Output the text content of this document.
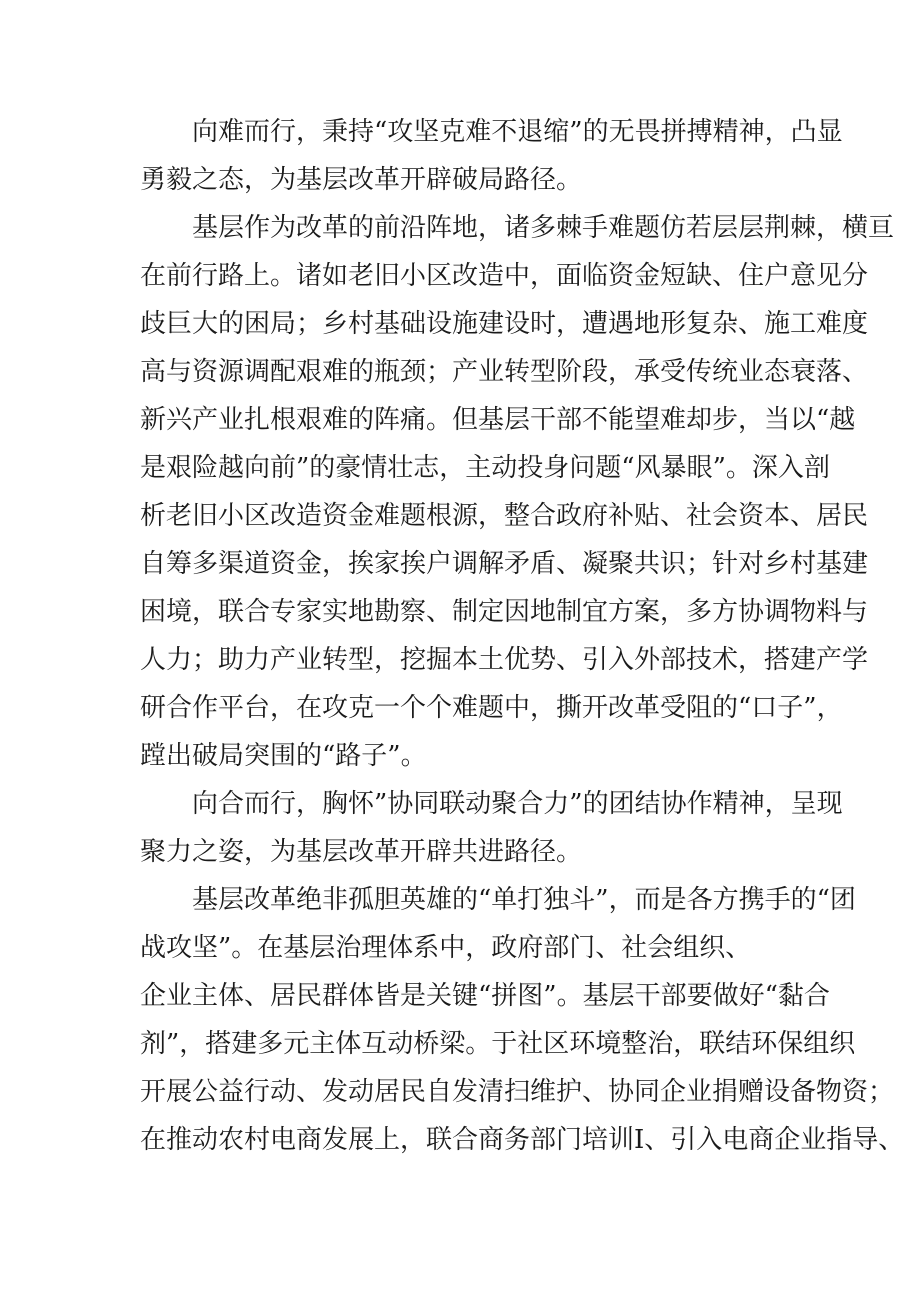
向难而行，秉持“攻坚克难不退缩”的无畏拼搏精神，凸显
勇毅之态，为基层改革开辟破局路径。
基层作为改革的前沿阵地，诸多棘手难题仿若层层荆棘，横亘
在前行路上。诸如老旧小区改造中，面临资金短缺、住户意见分
歧巨大的困局；乡村基础设施建设时，遭遇地形复杂、施工难度
高与资源调配艰难的瓶颈；产业转型阶段，承受传统业态衰落、
新兴产业扎根艰难的阵痛。但基层干部不能望难却步，当以“越
是艰险越向前”的豪情壮志，主动投身问题“风暴眼”。深入剖
析老旧小区改造资金难题根源，整合政府补贴、社会资本、居民
自筹多渠道资金，挨家挨户调解矛盾、凝聚共识；针对乡村基建
困境，联合专家实地勘察、制定因地制宜方案，多方协调物料与
人力；助力产业转型，挖掘本土优势、引入外部技术，搭建产学
研合作平台，在攻克一个个难题中，撕开改革受阻的“口子”，
蹚出破局突围的“路子”。
向合而行，胸怀”协同联动聚合力”的团结协作精神，呈现
聚力之姿，为基层改革开辟共进路径。
基层改革绝非孤胆英雄的“单打独斗”，而是各方携手的“团
战攻坚”。在基层治理体系中，政府部门、社会组织、
企业主体、居民群体皆是关键“拼图”。基层干部要做好“黏合
剂”，搭建多元主体互动桥梁。于社区环境整治，联结环保组织
开展公益行动、发动居民自发清扫维护、协同企业捐赠设备物资；
在推动农村电商发展上，联合商务部门培训I、引入电商企业指导、
